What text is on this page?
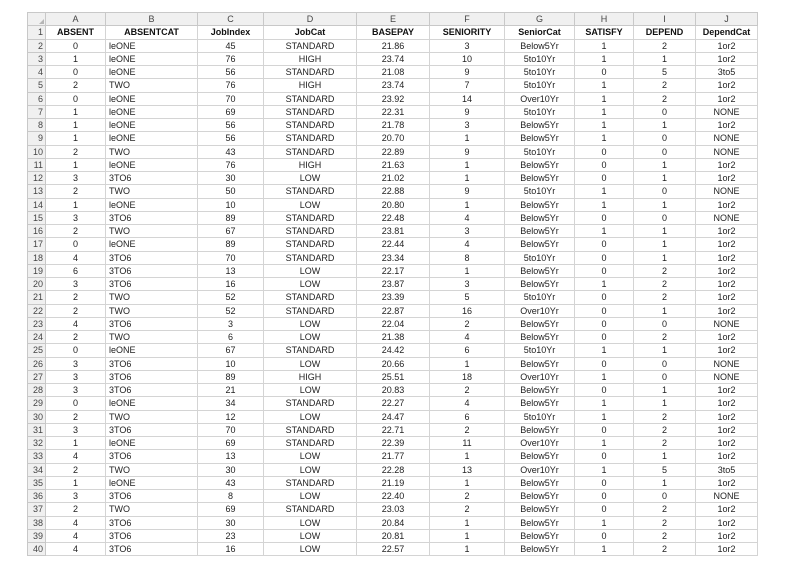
	A	B	C	D	E	F	G	H	I	J
1	ABSENT	ABSENTCAT	JobIndex	JobCat	BASEPAY	SENIORITY	SeniorCat	SATISFY	DEPEND	DependCat
2	0	leONE	45	STANDARD	21.86	3	Below5Yr	1	2	1or2
3	1	leONE	76	HIGH	23.74	10	5to10Yr	1	1	1or2
4	0	leONE	56	STANDARD	21.08	9	5to10Yr	0	5	3to5
5	2	TWO	76	HIGH	23.74	7	5to10Yr	1	2	1or2
6	0	leONE	70	STANDARD	23.92	14	Over10Yr	1	2	1or2
7	1	leONE	69	STANDARD	22.31	9	5to10Yr	1	0	NONE
8	1	leONE	56	STANDARD	21.78	3	Below5Yr	1	1	1or2
9	1	leONE	56	STANDARD	20.70	1	Below5Yr	1	0	NONE
10	2	TWO	43	STANDARD	22.89	9	5to10Yr	0	0	NONE
11	1	leONE	76	HIGH	21.63	1	Below5Yr	0	1	1or2
12	3	3TO6	30	LOW	21.02	1	Below5Yr	0	1	1or2
13	2	TWO	50	STANDARD	22.88	9	5to10Yr	1	0	NONE
14	1	leONE	10	LOW	20.80	1	Below5Yr	1	1	1or2
15	3	3TO6	89	STANDARD	22.48	4	Below5Yr	0	0	NONE
16	2	TWO	67	STANDARD	23.81	3	Below5Yr	1	1	1or2
17	0	leONE	89	STANDARD	22.44	4	Below5Yr	0	1	1or2
18	4	3TO6	70	STANDARD	23.34	8	5to10Yr	0	1	1or2
19	6	3TO6	13	LOW	22.17	1	Below5Yr	0	2	1or2
20	3	3TO6	16	LOW	23.87	3	Below5Yr	1	2	1or2
21	2	TWO	52	STANDARD	23.39	5	5to10Yr	0	2	1or2
22	2	TWO	52	STANDARD	22.87	16	Over10Yr	0	1	1or2
23	4	3TO6	3	LOW	22.04	2	Below5Yr	0	0	NONE
24	2	TWO	6	LOW	21.38	4	Below5Yr	0	2	1or2
25	0	leONE	67	STANDARD	24.42	6	5to10Yr	1	1	1or2
26	3	3TO6	10	LOW	20.66	1	Below5Yr	0	0	NONE
27	3	3TO6	89	HIGH	25.51	18	Over10Yr	1	0	NONE
28	3	3TO6	21	LOW	20.83	2	Below5Yr	0	1	1or2
29	0	leONE	34	STANDARD	22.27	4	Below5Yr	1	1	1or2
30	2	TWO	12	LOW	24.47	6	5to10Yr	1	2	1or2
31	3	3TO6	70	STANDARD	22.71	2	Below5Yr	0	2	1or2
32	1	leONE	69	STANDARD	22.39	11	Over10Yr	1	2	1or2
33	4	3TO6	13	LOW	21.77	1	Below5Yr	0	1	1or2
34	2	TWO	30	LOW	22.28	13	Over10Yr	1	5	3to5
35	1	leONE	43	STANDARD	21.19	1	Below5Yr	0	1	1or2
36	3	3TO6	8	LOW	22.40	2	Below5Yr	0	0	NONE
37	2	TWO	69	STANDARD	23.03	2	Below5Yr	0	2	1or2
38	4	3TO6	30	LOW	20.84	1	Below5Yr	1	2	1or2
39	4	3TO6	23	LOW	20.81	1	Below5Yr	0	2	1or2
40	4	3TO6	16	LOW	22.57	1	Below5Yr	1	2	1or2
